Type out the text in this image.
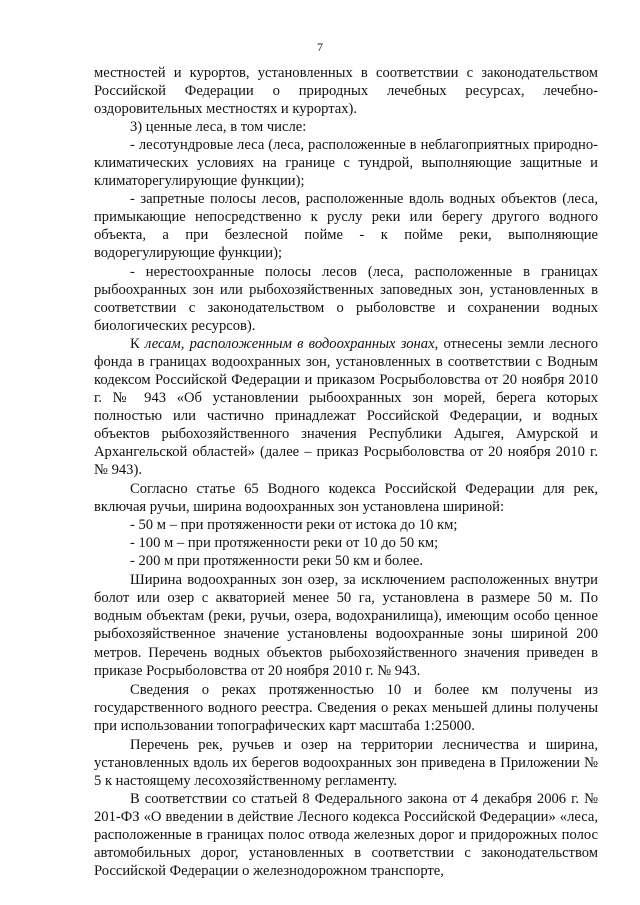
7

местностей и курортов, установленных в соответствии с законодательством Российской Федерации о природных лечебных ресурсах, лечебно-оздоровительных местностях и курортах).

3) ценные леса, в том числе:

- лесотундровые леса (леса, расположенные в неблагоприятных природно-климатических условиях на границе с тундрой, выполняющие защитные и климаторегулирующие функции);

- запретные полосы лесов, расположенные вдоль водных объектов (леса, примыкающие непосредственно к руслу реки или берегу другого водного объекта, а при безлесной пойме - к пойме реки, выполняющие водорегулирующие функции);

- нерестоохранные полосы лесов (леса, расположенные в границах рыбоохранных зон или рыбохозяйственных заповедных зон, установленных в соответствии с законодательством о рыболовстве и сохранении водных биологических ресурсов).

К лесам, расположенным в водоохранных зонах, отнесены земли лесного фонда в границах водоохранных зон, установленных в соответствии с Водным кодексом Российской Федерации и приказом Росрыболовства от 20 ноября 2010 г. № 943 «Об установлении рыбоохранных зон морей, берега которых полностью или частично принадлежат Российской Федерации, и водных объектов рыбохозяйственного значения Республики Адыгея, Амурской и Архангельской областей» (далее – приказ Росрыболовства от 20 ноября 2010 г. № 943).

Согласно статье 65 Водного кодекса Российской Федерации для рек, включая ручьи, ширина водоохранных зон установлена шириной:

- 50 м – при протяженности реки от истока до 10 км;

- 100 м – при протяженности реки от 10 до 50 км;

- 200 м при протяженности реки 50 км и более.

Ширина водоохранных зон озер, за исключением расположенных внутри болот или озер с акваторией менее 50 га, установлена в размере 50 м. По водным объектам (реки, ручьи, озера, водохранилища), имеющим особо ценное рыбохозяйственное значение установлены водоохранные зоны шириной 200 метров. Перечень водных объектов рыбохозяйственного значения приведен в приказе Росрыболовства от 20 ноября 2010 г. № 943.

Сведения о реках протяженностью 10 и более км получены из государственного водного реестра. Сведения о реках меньшей длины получены при использовании топографических карт масштаба 1:25000.

Перечень рек, ручьев и озер на территории лесничества и ширина, установленных вдоль их берегов водоохранных зон приведена в Приложении № 5 к настоящему лесохозяйственному регламенту.

В соответствии со статьей 8 Федерального закона от 4 декабря 2006 г. № 201-ФЗ «О введении в действие Лесного кодекса Российской Федерации» «леса, расположенные в границах полос отвода железных дорог и придорожных полос автомобильных дорог, установленных в соответствии с законодательством Российской Федерации о железнодорожном транспорте,
